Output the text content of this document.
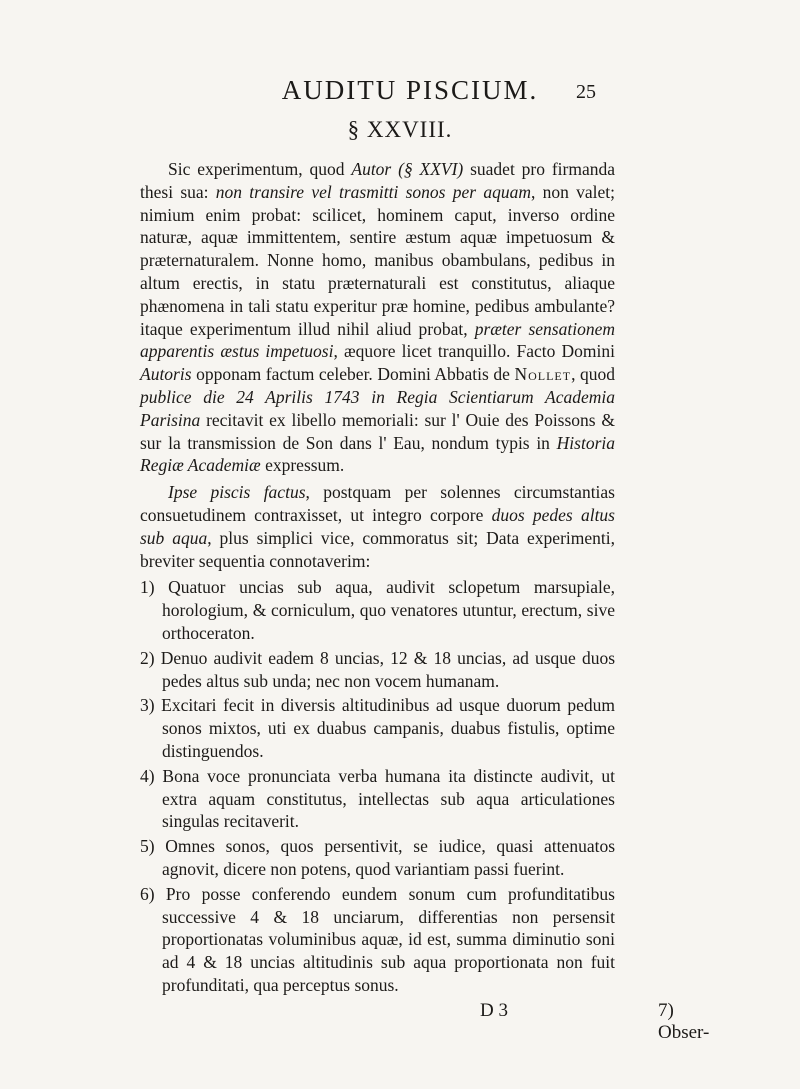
AUDITU PISCIUM.	25
§ XXVIII.

Sic experimentum, quod Autor (§ XXVI) suadet pro firmanda thesi sua: non transire vel trasmitti sonos per aquam, non valet; nimium enim probat: scilicet, hominem caput, inverso ordine naturæ, aquæ immittentem, sentire æstum aquæ impetuosum & præternaturalem. Nonne homo, manibus obambulans, pedibus in altum erectis, in statu præternaturali est constitutus, aliaque phænomena in tali statu experitur præ homine, pedibus ambulante? itaque experimentum illud nihil aliud probat, præter sensationem apparentis æstus impetuosi, æquore licet tranquillo. Facto Domini Autoris opponam factum celeber. Domini Abbatis de Nollet, quod publice die 24 Aprilis 1743 in Regia Scientiarum Academia Parisina recitavit ex libello memoriali: sur l' Ouie des Poissons & sur la transmission de Son dans l' Eau, nondum typis in Historia Regiæ Academiæ expressum.

Ipse piscis factus, postquam per solennes circumstantias consuetudinem contraxisset, ut integro corpore duos pedes altus sub aqua, plus simplici vice, commoratus sit; Data experimenti, breviter sequentia connotaverim:

1) Quatuor uncias sub aqua, audivit sclopetum marsupiale, horologium, & corniculum, quo venatores utuntur, erectum, sive orthoceraton.
2) Denuo audivit eadem 8 uncias, 12 & 18 uncias, ad usque duos pedes altus sub unda; nec non vocem humanam.
3) Excitari fecit in diversis altitudinibus ad usque duorum pedum sonos mixtos, uti ex duabus campanis, duabus fistulis, optime distinguendos.
4) Bona voce pronunciata verba humana ita distincte audivit, ut extra aquam constitutus, intellectas sub aqua articulationes singulas recitaverit.
5) Omnes sonos, quos persentivit, se iudice, quasi attenuatos agnovit, dicere non potens, quod variantiam passi fuerint.
6) Pro posse conferendo eundem sonum cum profunditatibus successive 4 & 18 unciarum, differentias non persensit proportionatas voluminibus aquæ, id est, summa diminutio soni ad 4 & 18 uncias altitudinis sub aqua proportionata non fuit profunditati, qua perceptus sonus.
D 3	7) Obser-
